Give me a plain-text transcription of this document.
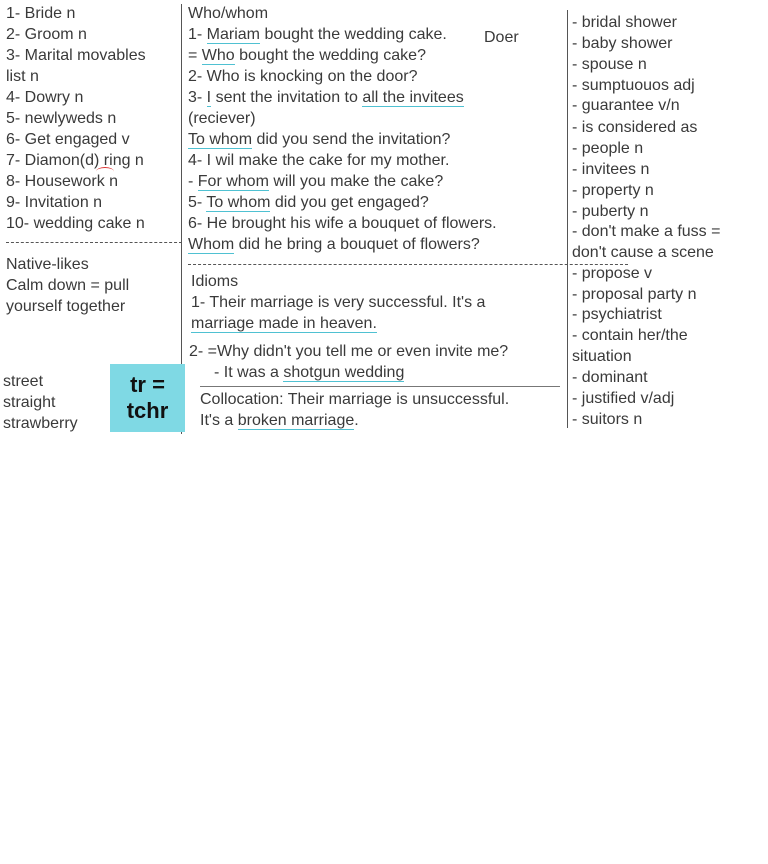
1- Bride n
2- Groom n
3- Marital movables
list n
4- Dowry n
5- newlyweds n
6- Get engaged v
7- Diamon(d) ring n
8- Housework n
9- Invitation n
10- wedding cake n
Native-likes
Calm down = pull
yourself together
street
straight
strawberry
tr =
tchr
Who/whom
1- Mariam bought the wedding cake. Doer
= Who bought the wedding cake?
2- Who is knocking on the door?
3- I sent the invitation to all the invitees
(reciever)
To whom did you send the invitation?
4- I wil make the cake for my mother.
- For whom will you make the cake?
5- To whom did you get engaged?
6- He brought his wife a bouquet of flowers.
Whom did he bring a bouquet of flowers?
Idioms
1- Their marriage is very successful. It's a
marriage made in heaven.
2- =Why didn't you tell me or even invite me?
- It was a shotgun wedding
Collocation: Their marriage is unsuccessful.
It's a broken marriage.
- bridal shower
- baby shower
- spouse n
- sumptuouos adj
- guarantee v/n
- is considered as
- people n
- invitees n
- property n
- puberty n
- don't make a fuss =
don't cause a scene
- propose v
- proposal party n
- psychiatrist
- contain her/the
situation
- dominant
- justified v/adj
- suitors n
